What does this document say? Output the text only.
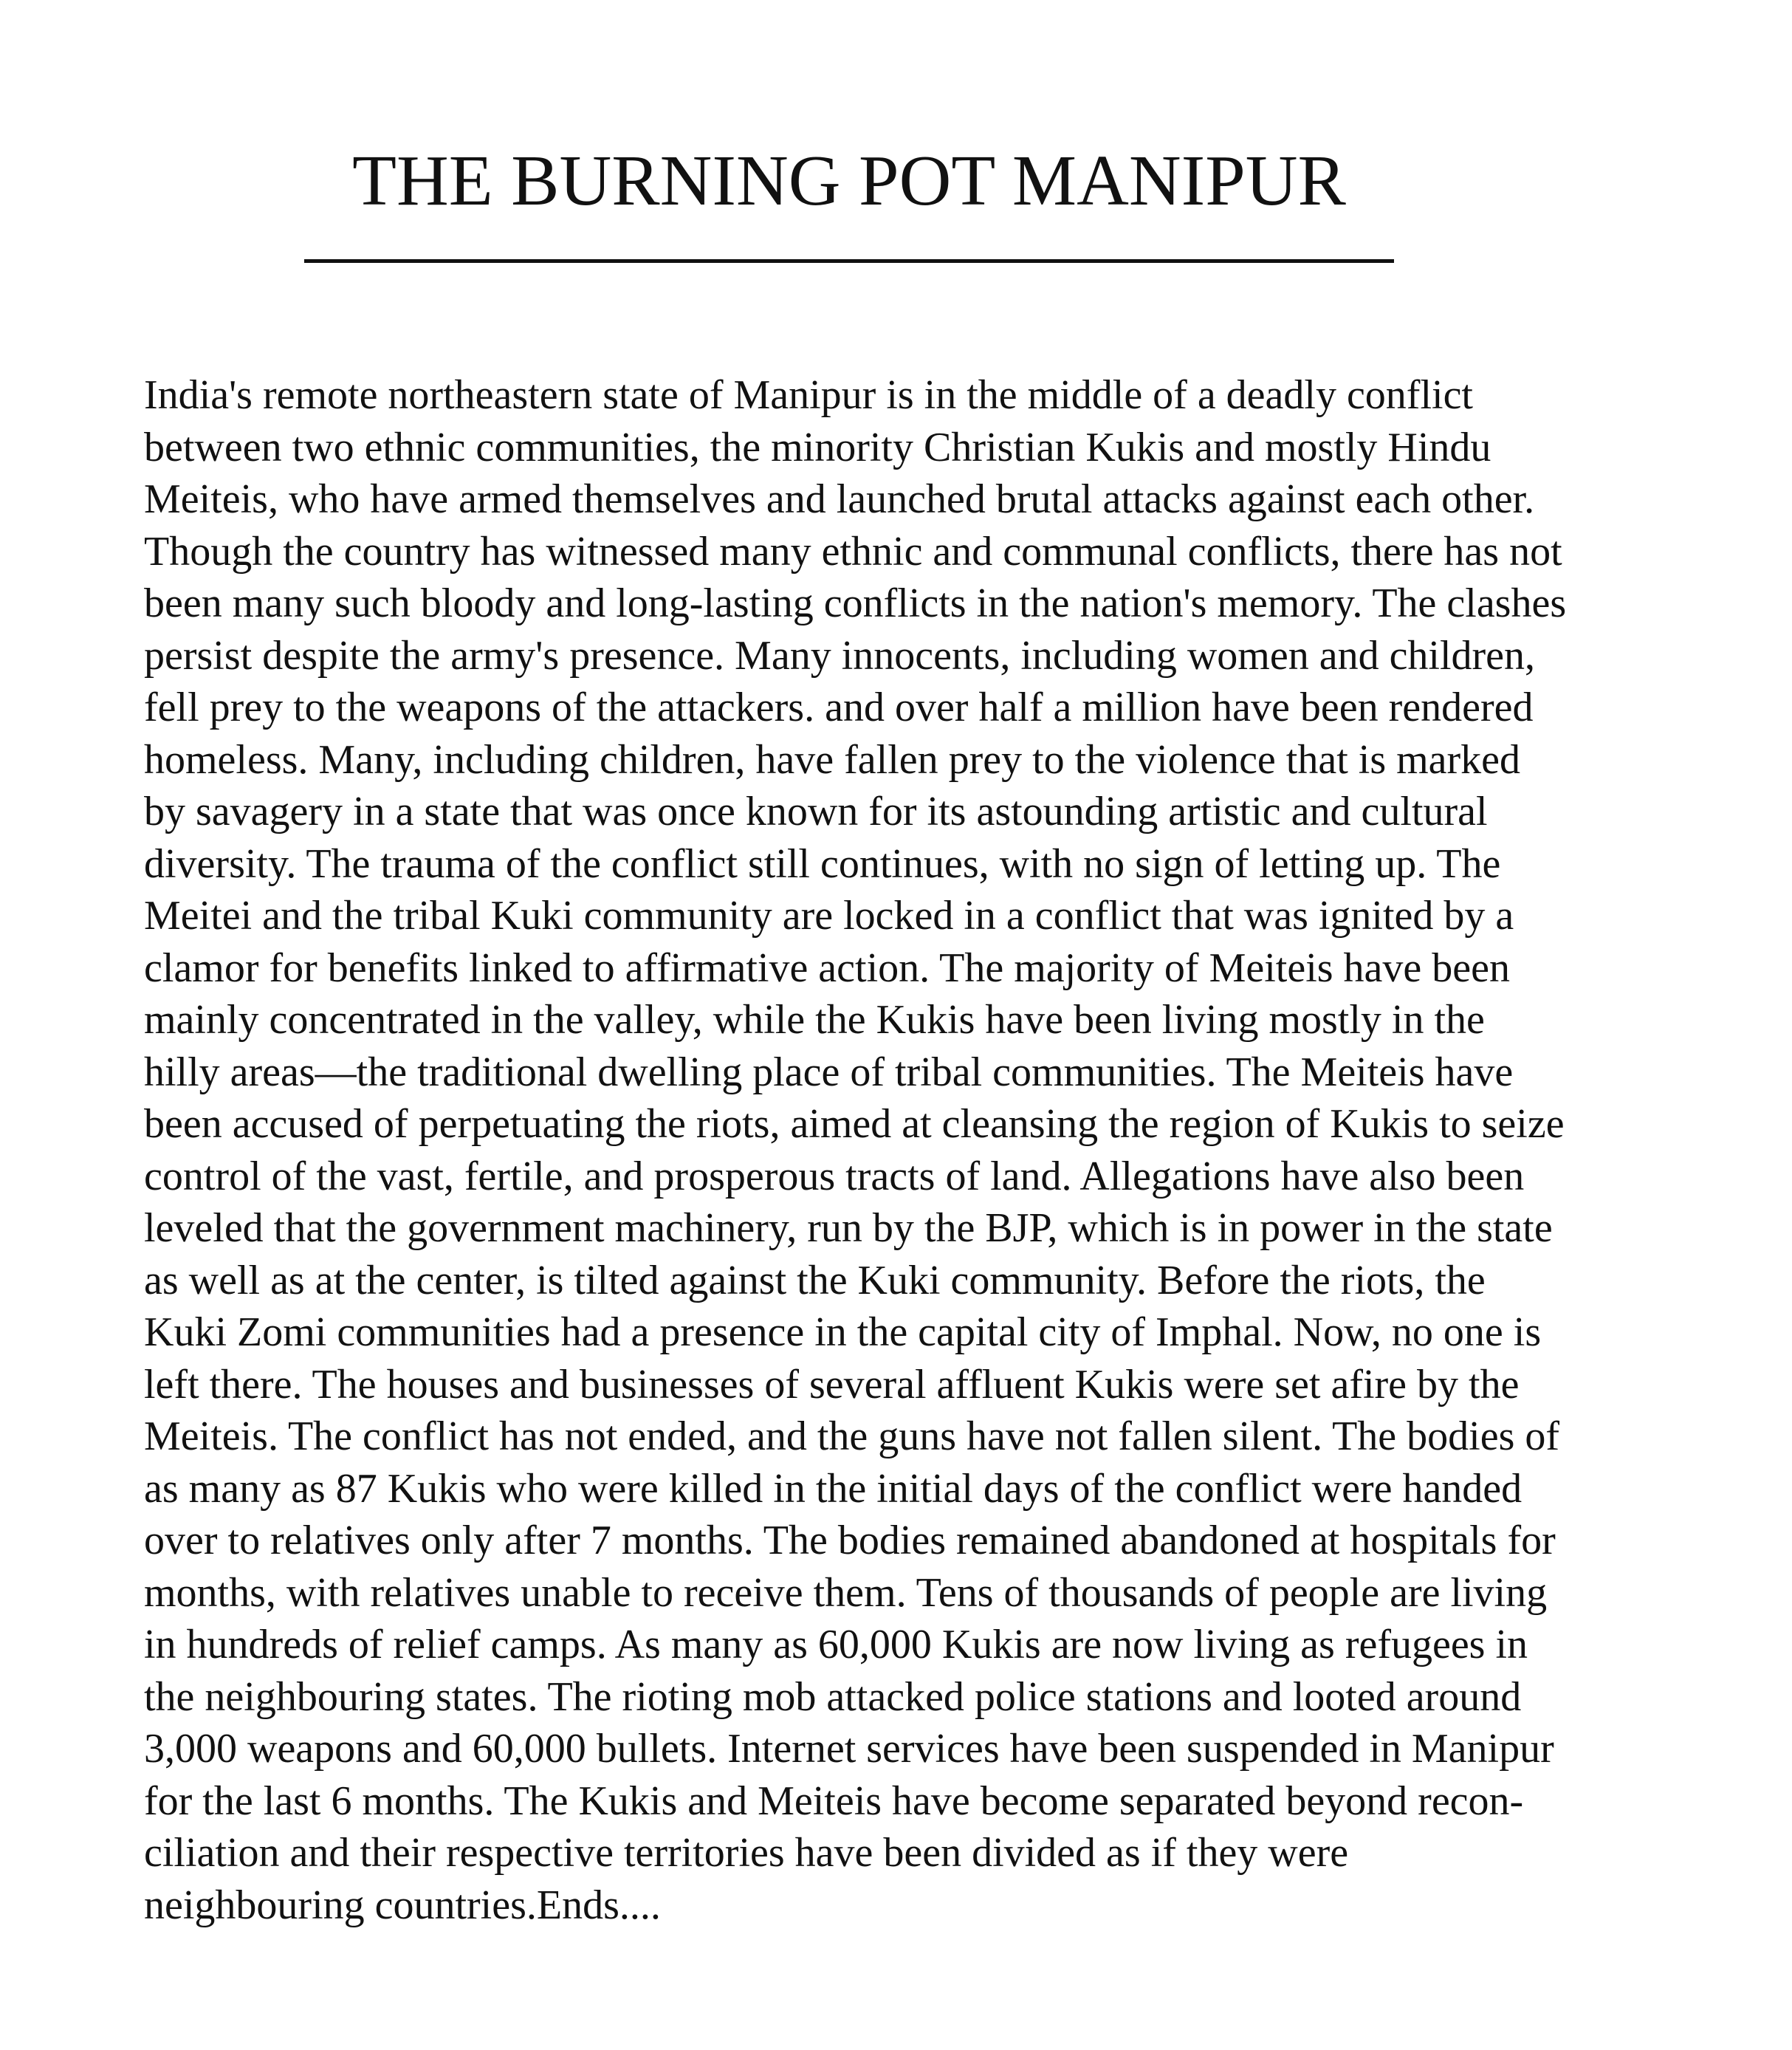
THE BURNING POT MANIPUR
India's remote northeastern state of Manipur is in the middle of a deadly conflict
between two ethnic communities, the minority Christian Kukis and mostly Hindu
Meiteis, who have armed themselves and launched brutal attacks against each other.
Though the country has witnessed many ethnic and communal conflicts, there has not
been many such bloody and long-lasting conflicts in the nation's memory. The clashes
persist despite the army's presence. Many innocents, including women and children,
fell prey to the weapons of the attackers. and over half a million have been rendered
homeless. Many, including children, have fallen prey to the violence that is marked
by savagery in a state that was once known for its astounding artistic and cultural
diversity. The trauma of the conflict still continues, with no sign of letting up. The
Meitei and the tribal Kuki community are locked in a conflict that was ignited by a
clamor for benefits linked to affirmative action. The majority of Meiteis have been
mainly concentrated in the valley, while the Kukis have been living mostly in the
hilly areas—the traditional dwelling place of tribal communities. The Meiteis have
been accused of perpetuating the riots, aimed at cleansing the region of Kukis to seize
control of the vast, fertile, and prosperous tracts of land. Allegations have also been
leveled that the government machinery, run by the BJP, which is in power in the state
as well as at the center, is tilted against the Kuki community. Before the riots, the
Kuki Zomi communities had a presence in the capital city of Imphal. Now, no one is
left there. The houses and businesses of several affluent Kukis were set afire by the
Meiteis. The conflict has not ended, and the guns have not fallen silent. The bodies of
as many as 87 Kukis who were killed in the initial days of the conflict were handed
over to relatives only after 7 months. The bodies remained abandoned at hospitals for
months, with relatives unable to receive them. Tens of thousands of people are living
in hundreds of relief camps. As many as 60,000 Kukis are now living as refugees in
the neighbouring states. The rioting mob attacked police stations and looted around
3,000 weapons and 60,000 bullets. Internet services have been suspended in Manipur
for the last 6 months. The Kukis and Meiteis have become separated beyond recon-
ciliation and their respective territories have been divided as if they were
neighbouring countries.Ends....
